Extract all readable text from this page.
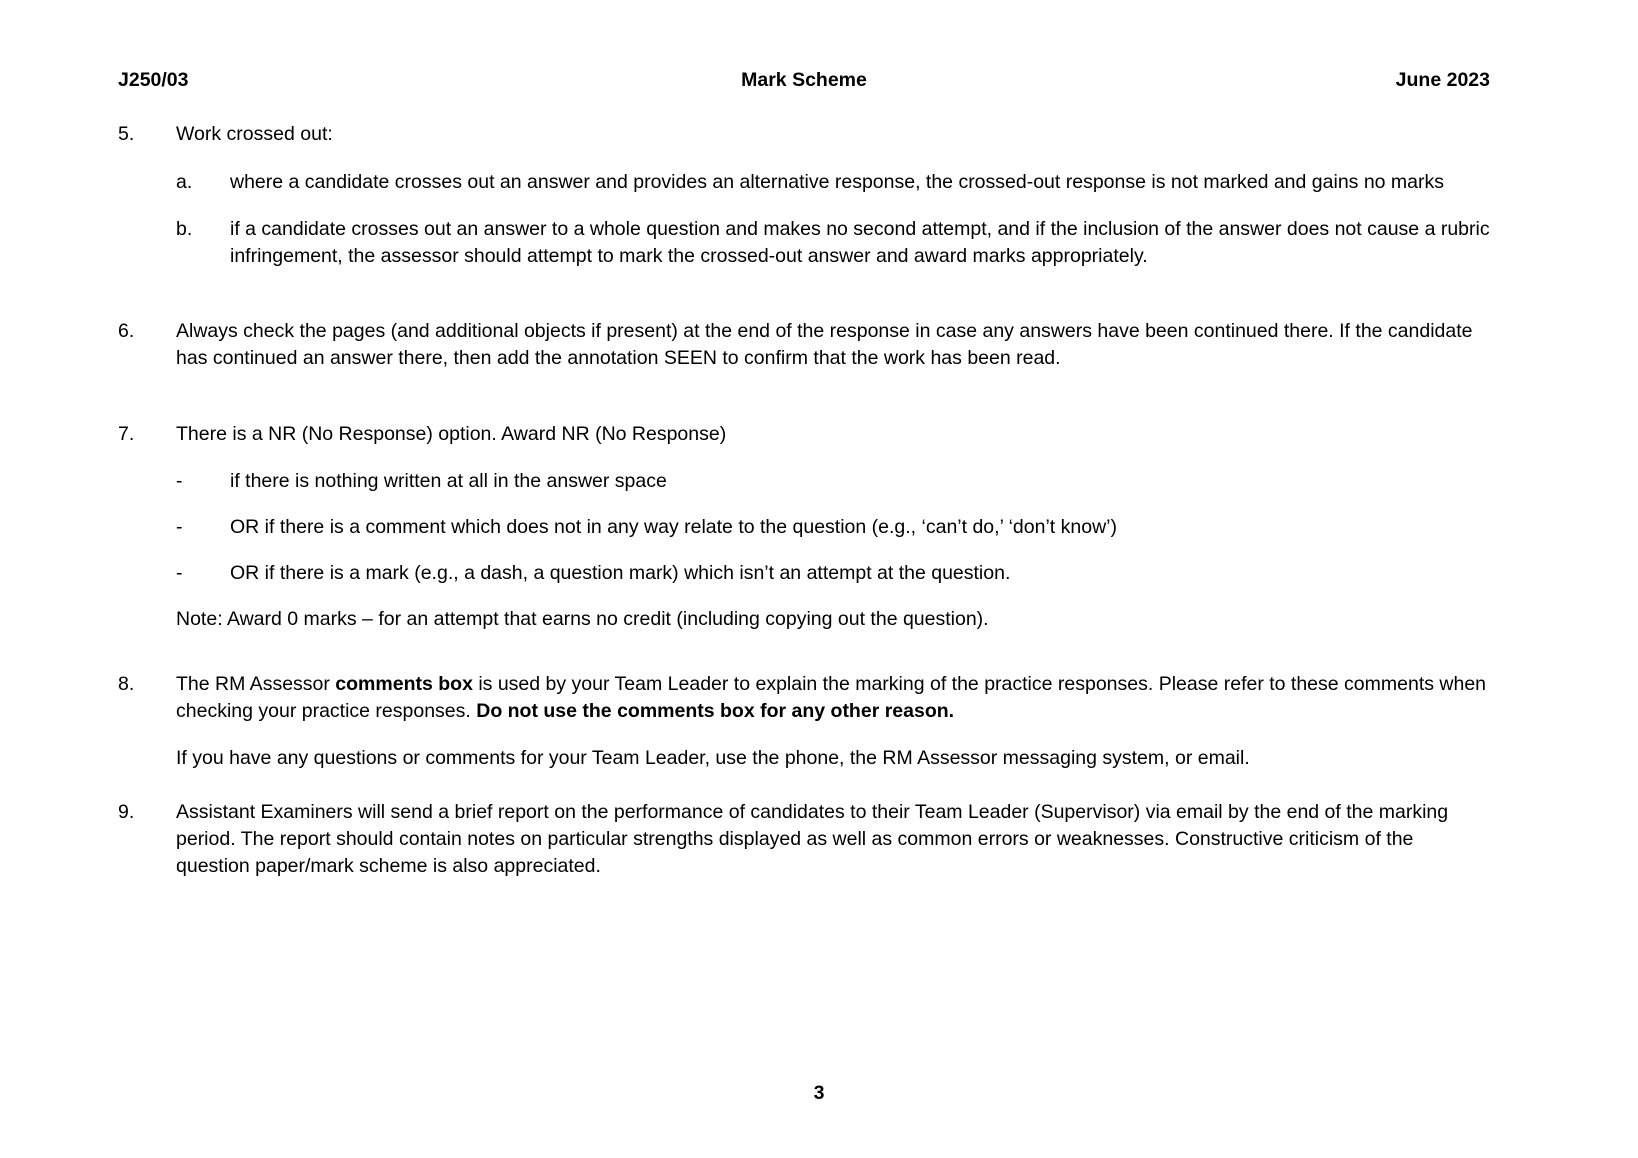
J250/03	Mark Scheme	June 2023
5.	Work crossed out:
a.	where a candidate crosses out an answer and provides an alternative response, the crossed-out response is not marked and gains no marks
b.	if a candidate crosses out an answer to a whole question and makes no second attempt, and if the inclusion of the answer does not cause a rubric infringement, the assessor should attempt to mark the crossed-out answer and award marks appropriately.
6.	Always check the pages (and additional objects if present) at the end of the response in case any answers have been continued there. If the candidate has continued an answer there, then add the annotation SEEN to confirm that the work has been read.
7.	There is a NR (No Response) option. Award NR (No Response)
-	if there is nothing written at all in the answer space
-	OR if there is a comment which does not in any way relate to the question (e.g., ‘can’t do,’ ‘don’t know’)
-	OR if there is a mark (e.g., a dash, a question mark) which isn’t an attempt at the question.
Note: Award 0 marks – for an attempt that earns no credit (including copying out the question).
8.	The RM Assessor comments box is used by your Team Leader to explain the marking of the practice responses. Please refer to these comments when checking your practice responses. Do not use the comments box for any other reason.
If you have any questions or comments for your Team Leader, use the phone, the RM Assessor messaging system, or email.
9.	Assistant Examiners will send a brief report on the performance of candidates to their Team Leader (Supervisor) via email by the end of the marking period. The report should contain notes on particular strengths displayed as well as common errors or weaknesses. Constructive criticism of the question paper/mark scheme is also appreciated.
3
